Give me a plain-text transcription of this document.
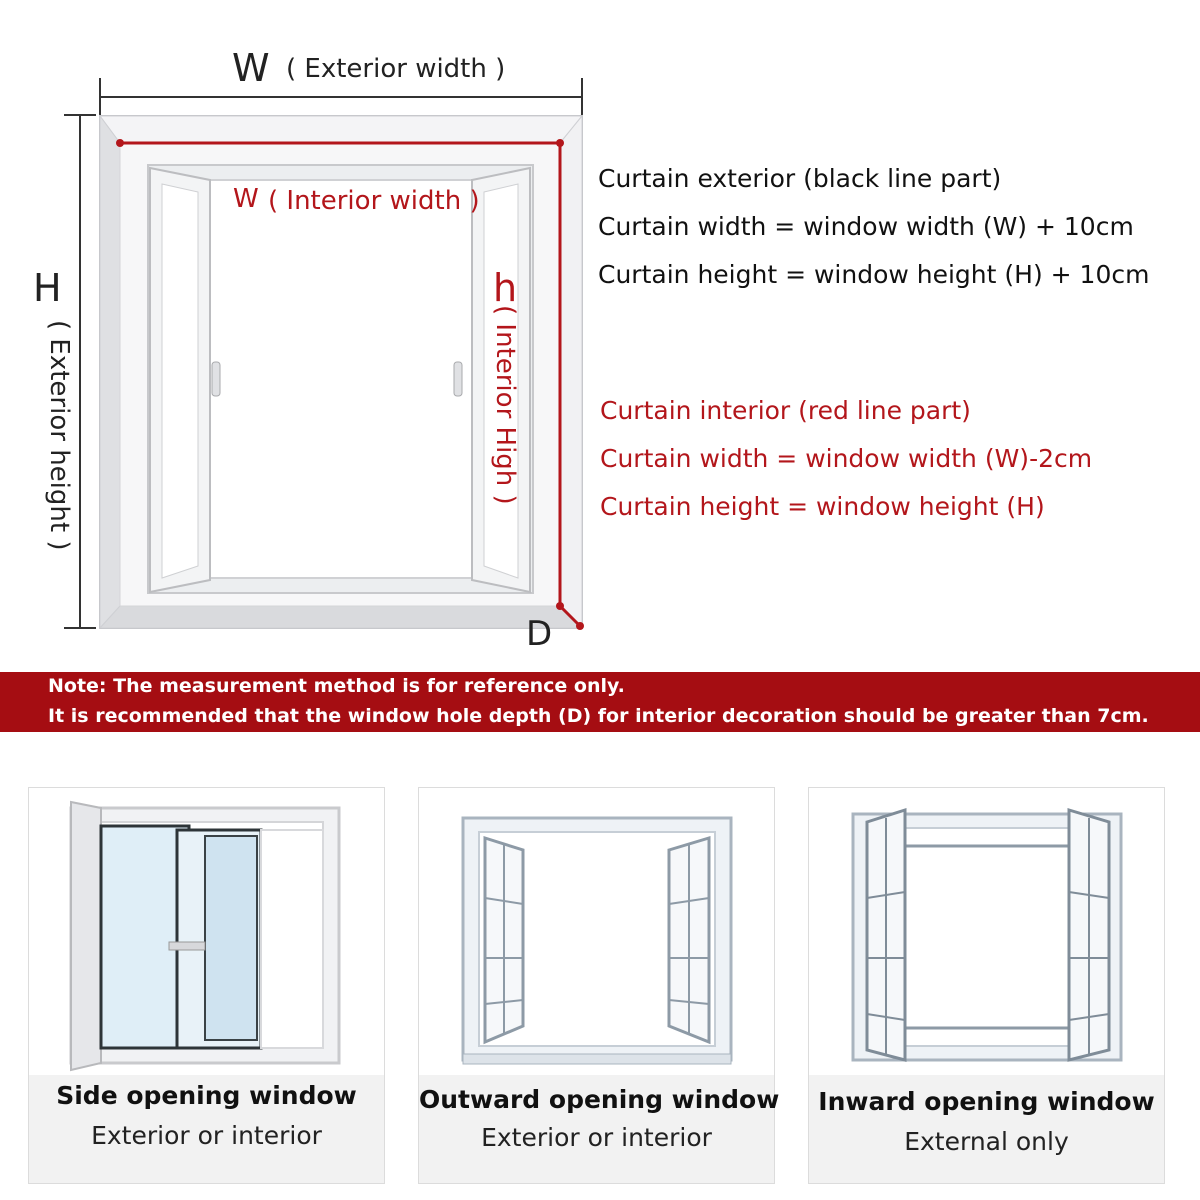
W ( Exterior width )
W ( Interior width )
H
( Exterior height )
h
( Interior High )
D
Curtain exterior (black line part)
Curtain width = window width (W) + 10cm
Curtain height = window height (H) + 10cm
Curtain interior (red line part)
Curtain width = window width (W)-2cm
Curtain height = window height (H)
Note: The measurement method is for reference only.
It is recommended that the window hole depth (D) for interior decoration should be greater than 7cm.
Side opening window
Exterior or interior
Outward opening window
Exterior or interior
Inward opening window
External only
